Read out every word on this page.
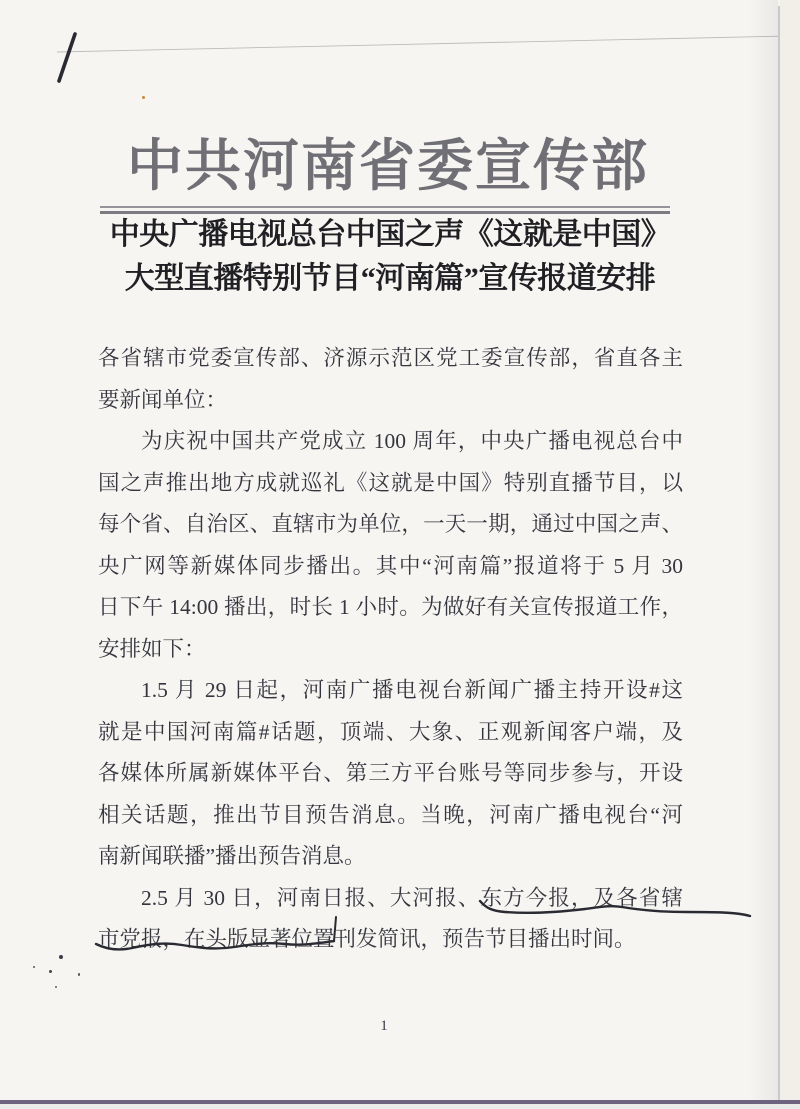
中共河南省委宣传部
中央广播电视总台中国之声《这就是中国》
大型直播特别节目“河南篇”宣传报道安排
各省辖市党委宣传部、济源示范区党工委宣传部，省直各主
要新闻单位：
为庆祝中国共产党成立 100 周年，中央广播电视总台中
国之声推出地方成就巡礼《这就是中国》特别直播节目，以
每个省、自治区、直辖市为单位，一天一期，通过中国之声、
央广网等新媒体同步播出。其中“河南篇”报道将于 5 月 30
日下午 14:00 播出，时长 1 小时。为做好有关宣传报道工作，
安排如下：
1.5 月 29 日起，河南广播电视台新闻广播主持开设#这
就是中国河南篇#话题，顶端、大象、正观新闻客户端，及
各媒体所属新媒体平台、第三方平台账号等同步参与，开设
相关话题，推出节目预告消息。当晚，河南广播电视台“河
南新闻联播”播出预告消息。
2.5 月 30 日，河南日报、大河报、东方今报，及各省辖
市党报，在头版显著位置刊发简讯，预告节目播出时间。
1
